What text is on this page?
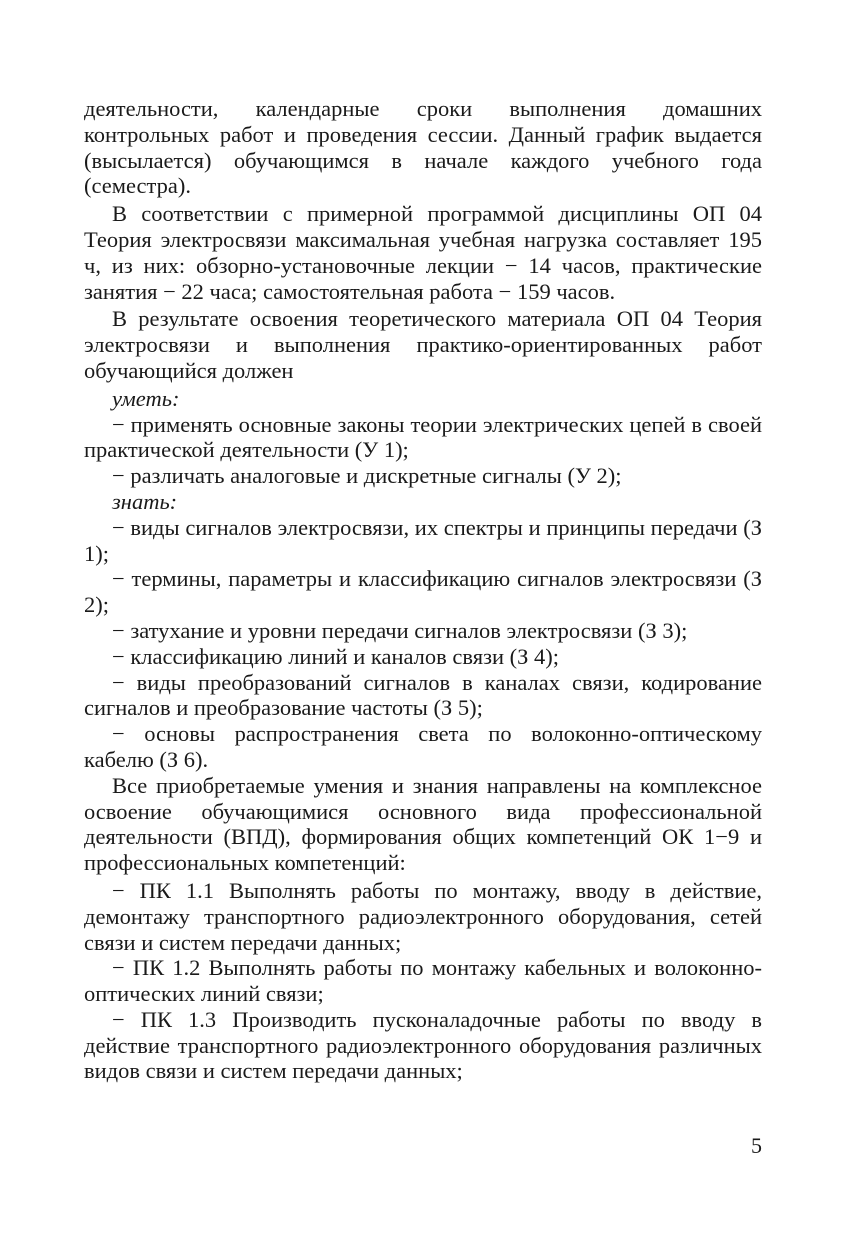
деятельности, календарные сроки выполнения домашних контрольных работ и проведения сессии. Данный график выдается (высылается) обучающимся в начале каждого учебного года (семестра).

В соответствии с примерной программой дисциплины ОП 04 Теория электросвязи максимальная учебная нагрузка составляет 195 ч, из них: обзорно-установочные лекции − 14 часов, практические занятия − 22 часа; самостоятельная работа − 159 часов.

В результате освоения теоретического материала ОП 04 Теория электросвязи и выполнения практико-ориентированных работ обучающийся должен

уметь:

− применять основные законы теории электрических цепей в своей практической деятельности (У 1);

− различать аналоговые и дискретные сигналы (У 2);

знать:

− виды сигналов электросвязи, их спектры и принципы передачи (З 1);

− термины, параметры и классификацию сигналов электросвязи (З 2);

− затухание и уровни передачи сигналов электросвязи (З 3);

− классификацию линий и каналов связи (З 4);

− виды преобразований сигналов в каналах связи, кодирование сигналов и преобразование частоты (З 5);

− основы распространения света по волоконно-оптическому кабелю (З 6).

Все приобретаемые умения и знания направлены на комплексное освоение обучающимися основного вида профессиональной деятельности (ВПД), формирования общих компетенций ОК 1−9 и профессиональных компетенций:

− ПК 1.1 Выполнять работы по монтажу, вводу в действие, демонтажу транспортного радиоэлектронного оборудования, сетей связи и систем передачи данных;

− ПК 1.2 Выполнять работы по монтажу кабельных и волоконно-оптических линий связи;

− ПК 1.3 Производить пусконаладочные работы по вводу в действие транспортного радиоэлектронного оборудования различных видов связи и систем передачи данных;

5
